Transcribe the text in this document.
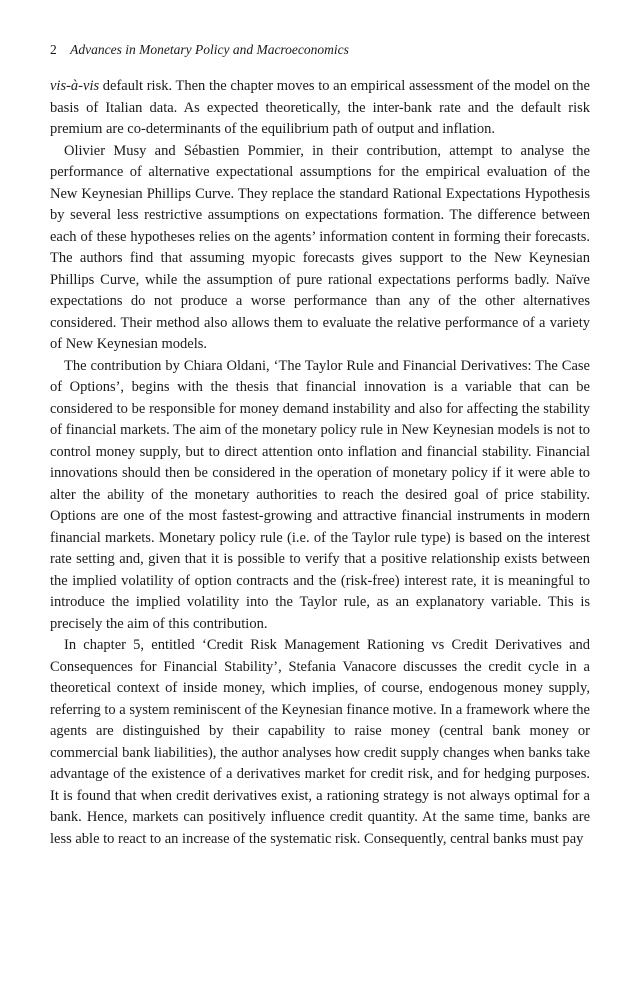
2 Advances in Monetary Policy and Macroeconomics

vis-à-vis default risk. Then the chapter moves to an empirical assessment of the model on the basis of Italian data. As expected theoretically, the inter-bank rate and the default risk premium are co-determinants of the equilibrium path of output and inflation.

Olivier Musy and Sébastien Pommier, in their contribution, attempt to analyse the performance of alternative expectational assumptions for the empirical evaluation of the New Keynesian Phillips Curve. They replace the standard Rational Expectations Hypothesis by several less restrictive assumptions on expectations formation. The difference between each of these hypotheses relies on the agents’ information content in forming their forecasts. The authors find that assuming myopic forecasts gives support to the New Keynesian Phillips Curve, while the assumption of pure rational expectations performs badly. Naïve expectations do not produce a worse performance than any of the other alternatives considered. Their method also allows them to evaluate the relative performance of a variety of New Keynesian models.

The contribution by Chiara Oldani, ‘The Taylor Rule and Financial Derivatives: The Case of Options’, begins with the thesis that financial innovation is a variable that can be considered to be responsible for money demand instability and also for affecting the stability of financial markets. The aim of the monetary policy rule in New Keynesian models is not to control money supply, but to direct attention onto inflation and financial stability. Financial innovations should then be considered in the operation of monetary policy if it were able to alter the ability of the monetary authorities to reach the desired goal of price stability. Options are one of the most fastest-growing and attractive financial instruments in modern financial markets. Monetary policy rule (i.e. of the Taylor rule type) is based on the interest rate setting and, given that it is possible to verify that a positive relationship exists between the implied volatility of option contracts and the (risk-free) interest rate, it is meaningful to introduce the implied volatility into the Taylor rule, as an explanatory variable. This is precisely the aim of this contribution.

In chapter 5, entitled ‘Credit Risk Management Rationing vs Credit Derivatives and Consequences for Financial Stability’, Stefania Vanacore discusses the credit cycle in a theoretical context of inside money, which implies, of course, endogenous money supply, referring to a system reminiscent of the Keynesian finance motive. In a framework where the agents are distinguished by their capability to raise money (central bank money or commercial bank liabilities), the author analyses how credit supply changes when banks take advantage of the existence of a derivatives market for credit risk, and for hedging purposes. It is found that when credit derivatives exist, a rationing strategy is not always optimal for a bank. Hence, markets can positively influence credit quantity. At the same time, banks are less able to react to an increase of the systematic risk. Consequently, central banks must pay
